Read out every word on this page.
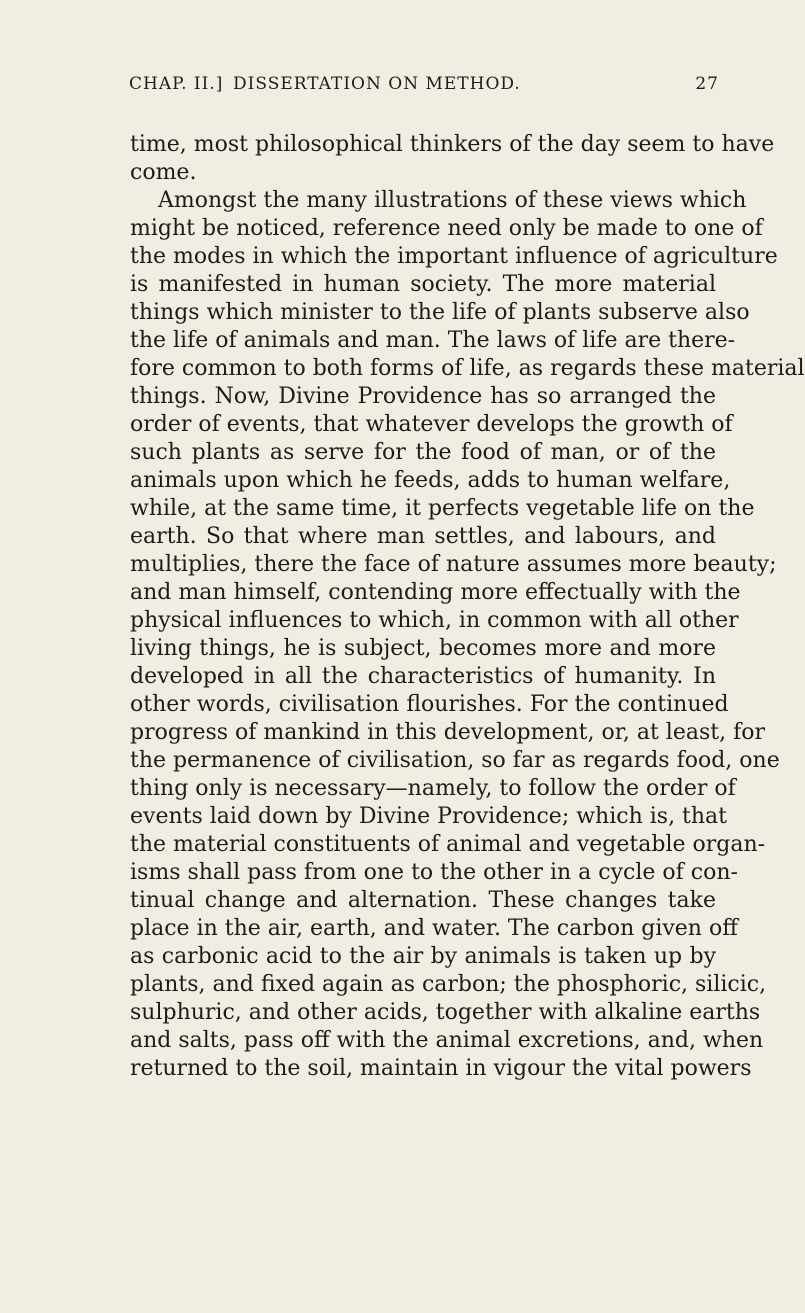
CHAP. II.] DISSERTATION ON METHOD.	27
time, most philosophical thinkers of the day seem to have
come.
Amongst the many illustrations of these views which
might be noticed, reference need only be made to one of
the modes in which the important influence of agriculture
is manifested in human society. The more material
things which minister to the life of plants subserve also
the life of animals and man. The laws of life are there-
fore common to both forms of life, as regards these material
things. Now, Divine Providence has so arranged the
order of events, that whatever develops the growth of
such plants as serve for the food of man, or of the
animals upon which he feeds, adds to human welfare,
while, at the same time, it perfects vegetable life on the
earth. So that where man settles, and labours, and
multiplies, there the face of nature assumes more beauty;
and man himself, contending more effectually with the
physical influences to which, in common with all other
living things, he is subject, becomes more and more
developed in all the characteristics of humanity. In
other words, civilisation flourishes. For the continued
progress of mankind in this development, or, at least, for
the permanence of civilisation, so far as regards food, one
thing only is necessary—namely, to follow the order of
events laid down by Divine Providence; which is, that
the material constituents of animal and vegetable organ-
isms shall pass from one to the other in a cycle of con-
tinual change and alternation. These changes take
place in the air, earth, and water. The carbon given off
as carbonic acid to the air by animals is taken up by
plants, and fixed again as carbon; the phosphoric, silicic,
sulphuric, and other acids, together with alkaline earths
and salts, pass off with the animal excretions, and, when
returned to the soil, maintain in vigour the vital powers
